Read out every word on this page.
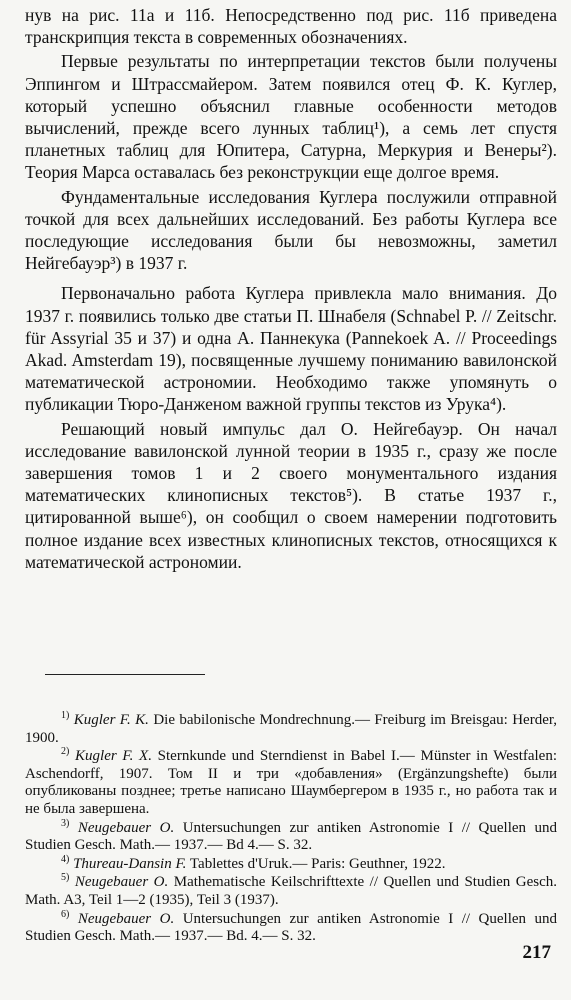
нув на рис. 11а и 11б. Непосредственно под рис. 11б приведена транскрипция текста в современных обозначениях.

Первые результаты по интерпретации текстов были получены Эппингом и Штрассмайером. Затем появился отец Ф. К. Куглер, который успешно объяснил главные особенности методов вычислений, прежде всего лунных таблиц¹), а семь лет спустя планетных таблиц для Юпитера, Сатурна, Меркурия и Венеры²). Теория Марса оставалась без реконструкции еще долгое время.

Фундаментальные исследования Куглера послужили отправной точкой для всех дальнейших исследований. Без работы Куглера все последующие исследования были бы невозможны, заметил Нейгебауэр³) в 1937 г.

Первоначально работа Куглера привлекла мало внимания. До 1937 г. появились только две статьи П. Шнабеля (Schnabel P. // Zeitschr. für Assyrial 35 и 37) и одна А. Паннекука (Pannekoek A. // Proceedings Akad. Amsterdam 19), посвященные лучшему пониманию вавилонской математической астрономии. Необходимо также упомянуть о публикации Тюро-Данженом важной группы текстов из Урука⁴).

Решающий новый импульс дал О. Нейгебауэр. Он начал исследование вавилонской лунной теории в 1935 г., сразу же после завершения томов 1 и 2 своего монументального издания математических клинописных текстов⁵). В статье 1937 г., цитированной выше⁶), он сообщил о своем намерении подготовить полное издание всех известных клинописных текстов, относящихся к математической астрономии.

$^{1)}$ Kugler F. K. Die babilonische Mondrechnung.— Freiburg im Breisgau: Herder, 1900.

$^{2)}$ Kugler F. X. Sternkunde und Sterndienst in Babel I.— Münster in Westfalen: Aschendorff, 1907. Том II и три «добавления» (Ergänzungshefte) были опубликованы позднее; третье написано Шаумбергером в 1935 г., но работа так и не была завершена.

$^{3)}$ Neugebauer O. Untersuchungen zur antiken Astronomie I // Quellen und Studien Gesch. Math.— 1937.— Bd 4.— S. 32.

$^{4)}$ Thureau-Dansin F. Tablettes d'Uruk.— Paris: Geuthner, 1922.

$^{5)}$ Neugebauer O. Mathematische Keilschrifttexte // Quellen und Studien Gesch. Math. A3, Teil 1—2 (1935), Teil 3 (1937).

$^{6)}$ Neugebauer O. Untersuchungen zur antiken Astronomie I // Quellen und Studien Gesch. Math.— 1937.— Bd. 4.— S. 32.

217
